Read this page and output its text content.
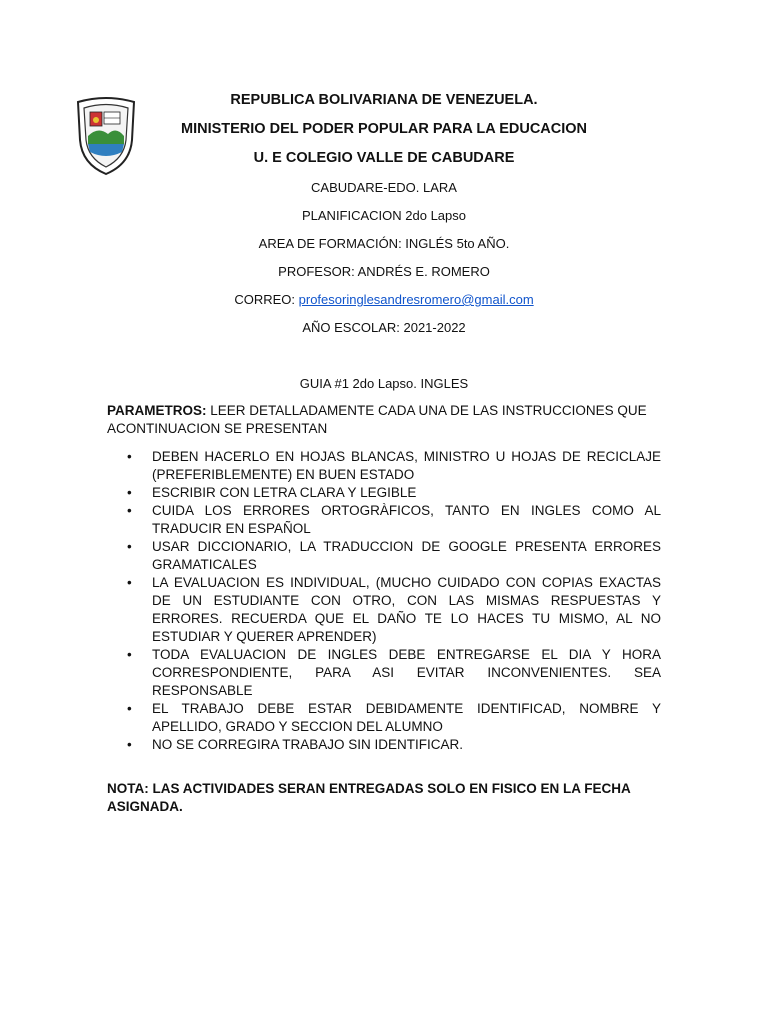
REPUBLICA BOLIVARIANA DE VENEZUELA.
MINISTERIO DEL PODER POPULAR PARA LA EDUCACION
U. E COLEGIO VALLE DE CABUDARE
CABUDARE-EDO. LARA
PLANIFICACION 2do Lapso
AREA DE FORMACIÓN: INGLÉS 5to AÑO.
PROFESOR: ANDRÉS E. ROMERO
CORREO: profesoringlesandresromero@gmail.com
AÑO ESCOLAR: 2021-2022
GUIA #1 2do Lapso. INGLES
PARAMETROS: LEER DETALLADAMENTE CADA UNA DE LAS INSTRUCCIONES QUE ACONTINUACION SE PRESENTAN
• DEBEN HACERLO EN HOJAS BLANCAS, MINISTRO U HOJAS DE RECICLAJE (PREFERIBLEMENTE) EN BUEN ESTADO
• ESCRIBIR CON LETRA CLARA Y LEGIBLE
• CUIDA LOS ERRORES ORTOGRÀFICOS, TANTO EN INGLES COMO AL TRADUCIR EN ESPAÑOL
• USAR DICCIONARIO, LA TRADUCCION DE GOOGLE PRESENTA ERRORES GRAMATICALES
• LA EVALUACION ES INDIVIDUAL, (MUCHO CUIDADO CON COPIAS EXACTAS DE UN ESTUDIANTE CON OTRO, CON LAS MISMAS RESPUESTAS Y ERRORES. RECUERDA QUE EL DAÑO TE LO HACES TU MISMO, AL NO ESTUDIAR Y QUERER APRENDER)
• TODA EVALUACION DE INGLES DEBE ENTREGARSE EL DIA Y HORA CORRESPONDIENTE, PARA ASI EVITAR INCONVENIENTES. SEA RESPONSABLE
• EL TRABAJO DEBE ESTAR DEBIDAMENTE IDENTIFICAD, NOMBRE Y APELLIDO, GRADO Y SECCION DEL ALUMNO
• NO SE CORREGIRA TRABAJO SIN IDENTIFICAR.
NOTA: LAS ACTIVIDADES SERAN ENTREGADAS SOLO EN FISICO EN LA FECHA ASIGNADA.
